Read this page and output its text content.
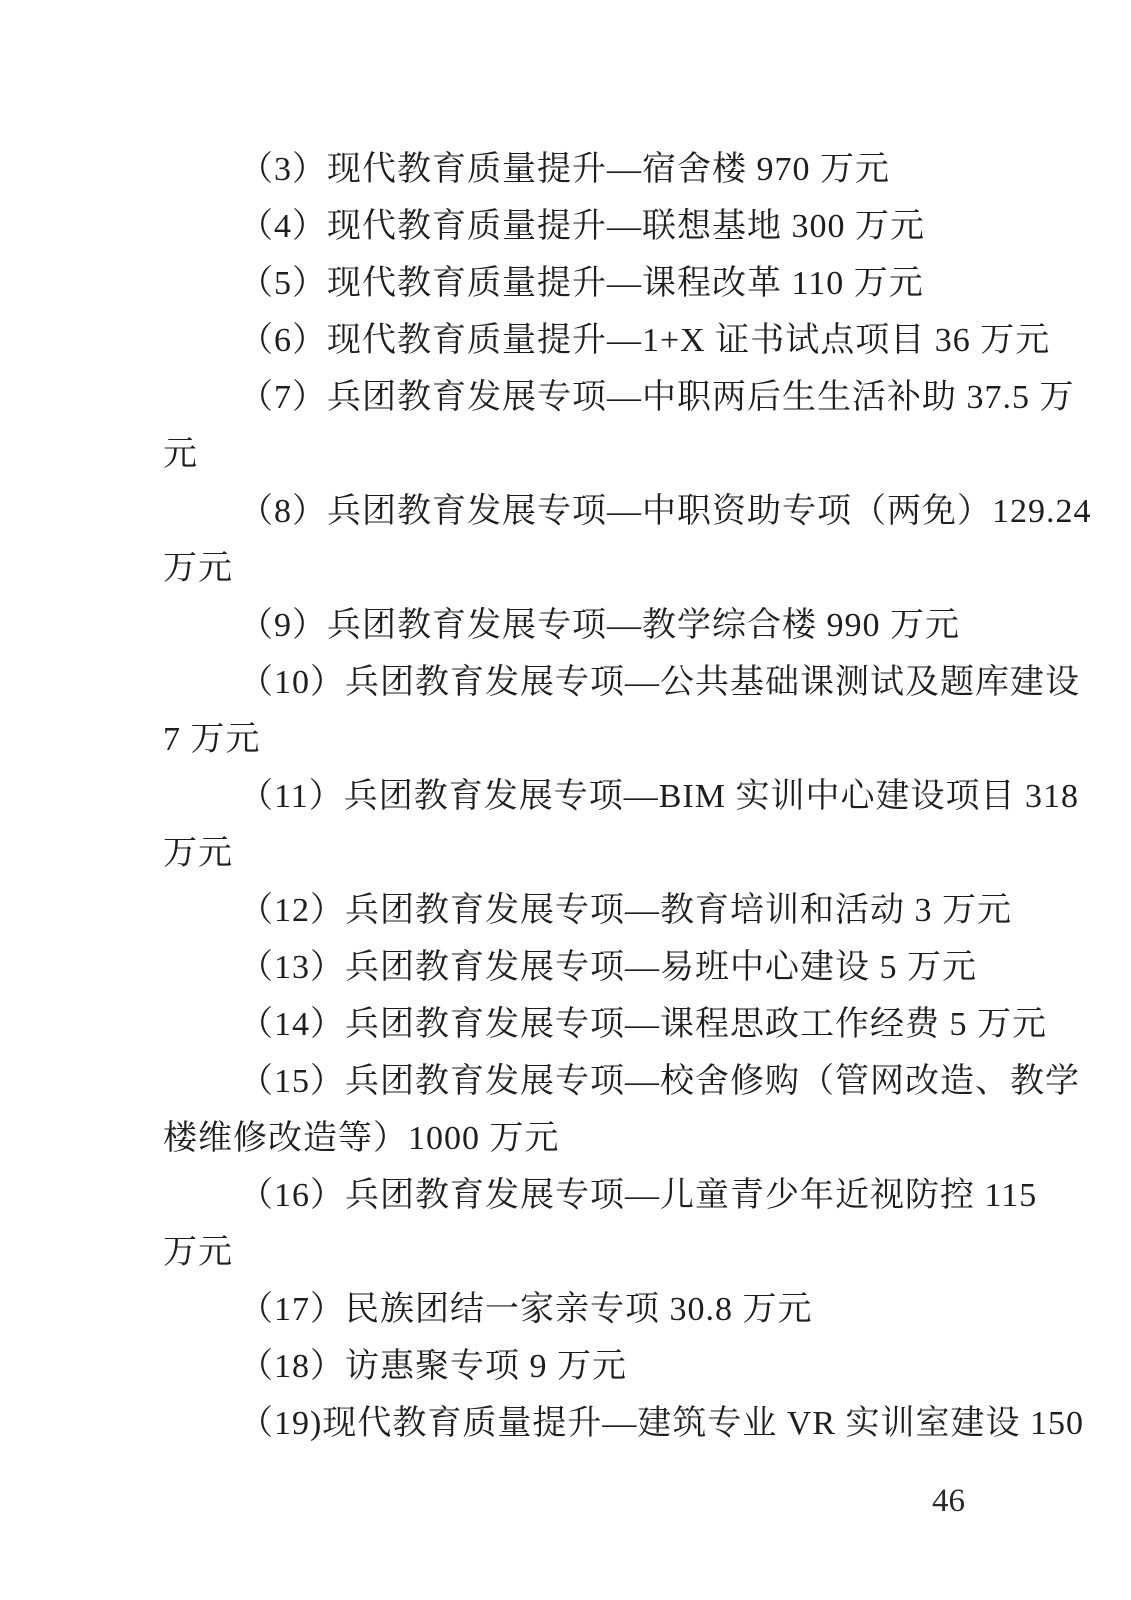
（3）现代教育质量提升—宿舍楼 970 万元
（4）现代教育质量提升—联想基地 300 万元
（5）现代教育质量提升—课程改革 110 万元
（6）现代教育质量提升—1+X 证书试点项目 36 万元
（7）兵团教育发展专项—中职两后生生活补助 37.5 万
元
（8）兵团教育发展专项—中职资助专项（两免）129.24
万元
（9）兵团教育发展专项—教学综合楼 990 万元
（10）兵团教育发展专项—公共基础课测试及题库建设
7 万元
（11）兵团教育发展专项—BIM 实训中心建设项目 318
万元
（12）兵团教育发展专项—教育培训和活动 3 万元
（13）兵团教育发展专项—易班中心建设 5 万元
（14）兵团教育发展专项—课程思政工作经费 5 万元
（15）兵团教育发展专项—校舍修购（管网改造、教学
楼维修改造等）1000 万元
（16）兵团教育发展专项—儿童青少年近视防控 115
万元
（17）民族团结一家亲专项 30.8 万元
（18）访惠聚专项 9 万元
（19)现代教育质量提升—建筑专业 VR 实训室建设 150
46
